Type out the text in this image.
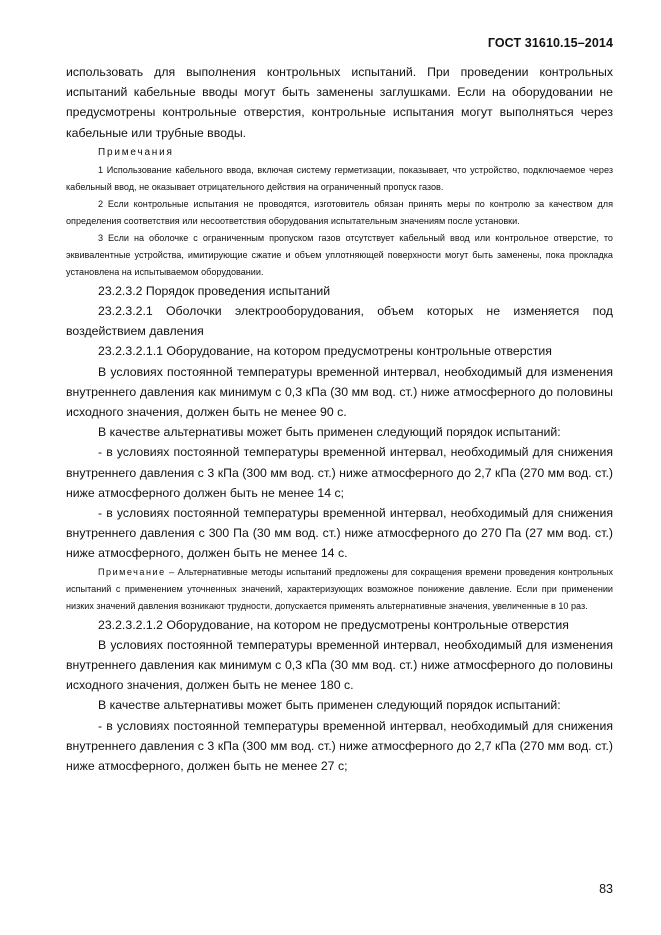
ГОСТ 31610.15–2014

использовать для выполнения контрольных испытаний. При проведении контрольных испытаний кабельные вводы могут быть заменены заглушками. Если на оборудовании не предусмотрены контрольные отверстия, контрольные испытания могут выполняться через кабельные или трубные вводы.

Примечания

1 Использование кабельного ввода, включая систему герметизации, показывает, что устройство, подключаемое через кабельный ввод, не оказывает отрицательного действия на ограниченный пропуск газов.

2 Если контрольные испытания не проводятся, изготовитель обязан принять меры по контролю за качеством для определения соответствия или несоответствия оборудования испытательным значениям после установки.

3 Если на оболочке с ограниченным пропуском газов отсутствует кабельный ввод или контрольное отверстие, то эквивалентные устройства, имитирующие сжатие и объем уплотняющей поверхности могут быть заменены, пока прокладка установлена на испытываемом оборудовании.

23.2.3.2 Порядок проведения испытаний

23.2.3.2.1 Оболочки электрооборудования, объем которых не изменяется под воздействием давления

23.2.3.2.1.1 Оборудование, на котором предусмотрены контрольные отверстия

В условиях постоянной температуры временной интервал, необходимый для изменения внутреннего давления как минимум с 0,3 кПа (30 мм вод. ст.) ниже атмосферного до половины исходного значения, должен быть не менее 90 с.

В качестве альтернативы может быть применен следующий порядок испытаний:

- в условиях постоянной температуры временной интервал, необходимый для снижения внутреннего давления с 3 кПа (300 мм вод. ст.) ниже атмосферного до 2,7 кПа (270 мм вод. ст.) ниже атмосферного должен быть не менее 14 с;

- в условиях постоянной температуры временной интервал, необходимый для снижения внутреннего давления с 300 Па (30 мм вод. ст.) ниже атмосферного до 270 Па (27 мм вод. ст.) ниже атмосферного, должен быть не менее 14 с.

Примечание – Альтернативные методы испытаний предложены для сокращения времени проведения контрольных испытаний с применением уточненных значений, характеризующих возможное понижение давление. Если при применении низких значений давления возникают трудности, допускается применять альтернативные значения, увеличенные в 10 раз.

23.2.3.2.1.2 Оборудование, на котором не предусмотрены контрольные отверстия

В условиях постоянной температуры временной интервал, необходимый для изменения внутреннего давления как минимум с 0,3 кПа (30 мм вод. ст.) ниже атмосферного до половины исходного значения, должен быть не менее 180 с.

В качестве альтернативы может быть применен следующий порядок испытаний:

- в условиях постоянной температуры временной интервал, необходимый для снижения внутреннего давления с 3 кПа (300 мм вод. ст.) ниже атмосферного до 2,7 кПа (270 мм вод. ст.) ниже атмосферного, должен быть не менее 27 с;

83
